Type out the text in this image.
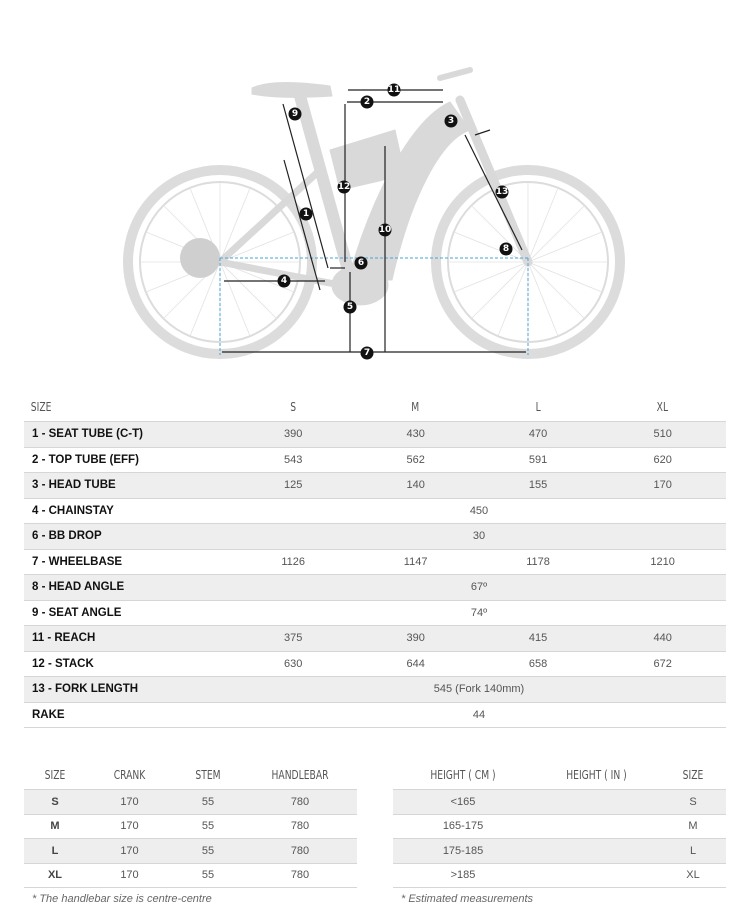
1
2
3
4
5
6
7
8
9
10
11
12	13
SIZE	S	M	L	XL
1 - SEAT TUBE (C-T)	390	430	470	510
2 - TOP TUBE (EFF)	543	562	591	620
3 - HEAD TUBE	125	140	155	170
4 - CHAINSTAY	450			
6 - BB DROP	30			
7 - WHEELBASE	1126	1147	1178	1210
8 - HEAD ANGLE	67º			
9 - SEAT ANGLE	74º			
11 - REACH	375	390	415	440
12 - STACK	630	644	658	672
13 - FORK LENGTH	545 (Fork 140mm)			
RAKE	44			
SIZE	CRANK	STEM	HANDLEBAR
S	170	55	780
M	170	55	780
L	170	55	780
XL	170	55	780
HEIGHT ( CM )	HEIGHT ( IN )	SIZE
<165		S
165-175		M
175-185		L
>185		XL
* The handlebar size is centre-centre	* Estimated measurements
